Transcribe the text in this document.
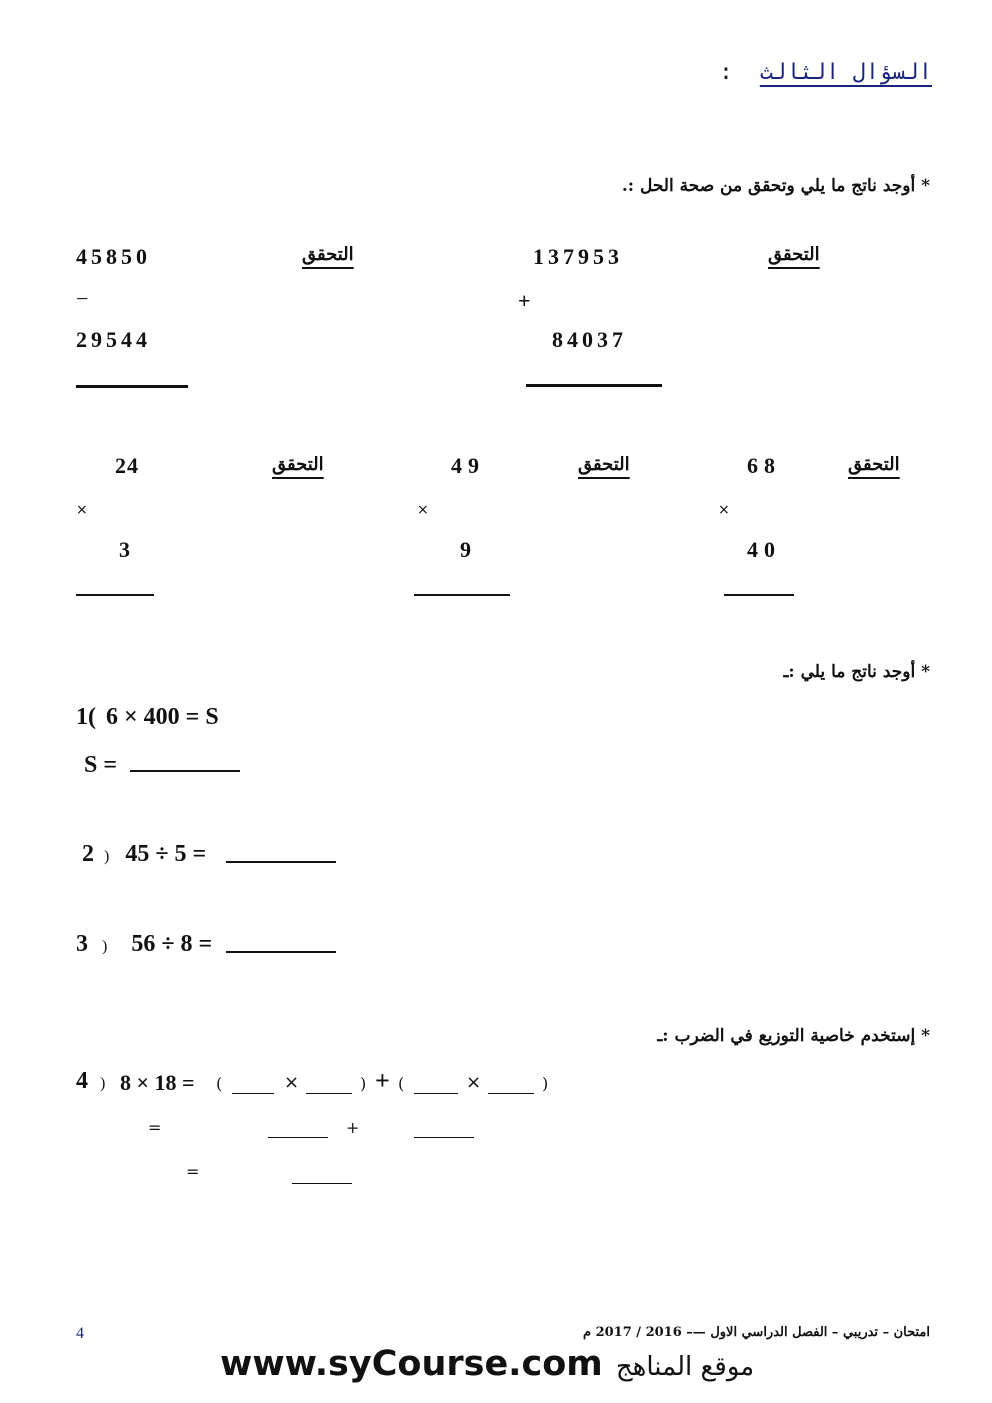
السؤال الثالث :
* أوجد ناتج ما يلي وتحقق من صحة الحل :.
45850
−
29544
التحقق	137953
+
84037
التحقق
24
×
3
التحقق	49
×
9
التحقق	68
×
40
التحقق
* أوجد ناتج ما يلي :ـ
1( 6 × 400 = S
S =
2 ) 45 ÷ 5 =
3 ) 56 ÷ 8 =
* إستخدم خاصية التوزيع في الضرب :ـ
4 ) 8 × 18 = (	×	) + (	×	)
=	+
=
4	امتحان – تدريبي – الفصل الدراسي الاول —– 2016 / 2017 م
www.syCourse.com موقع المناهج
